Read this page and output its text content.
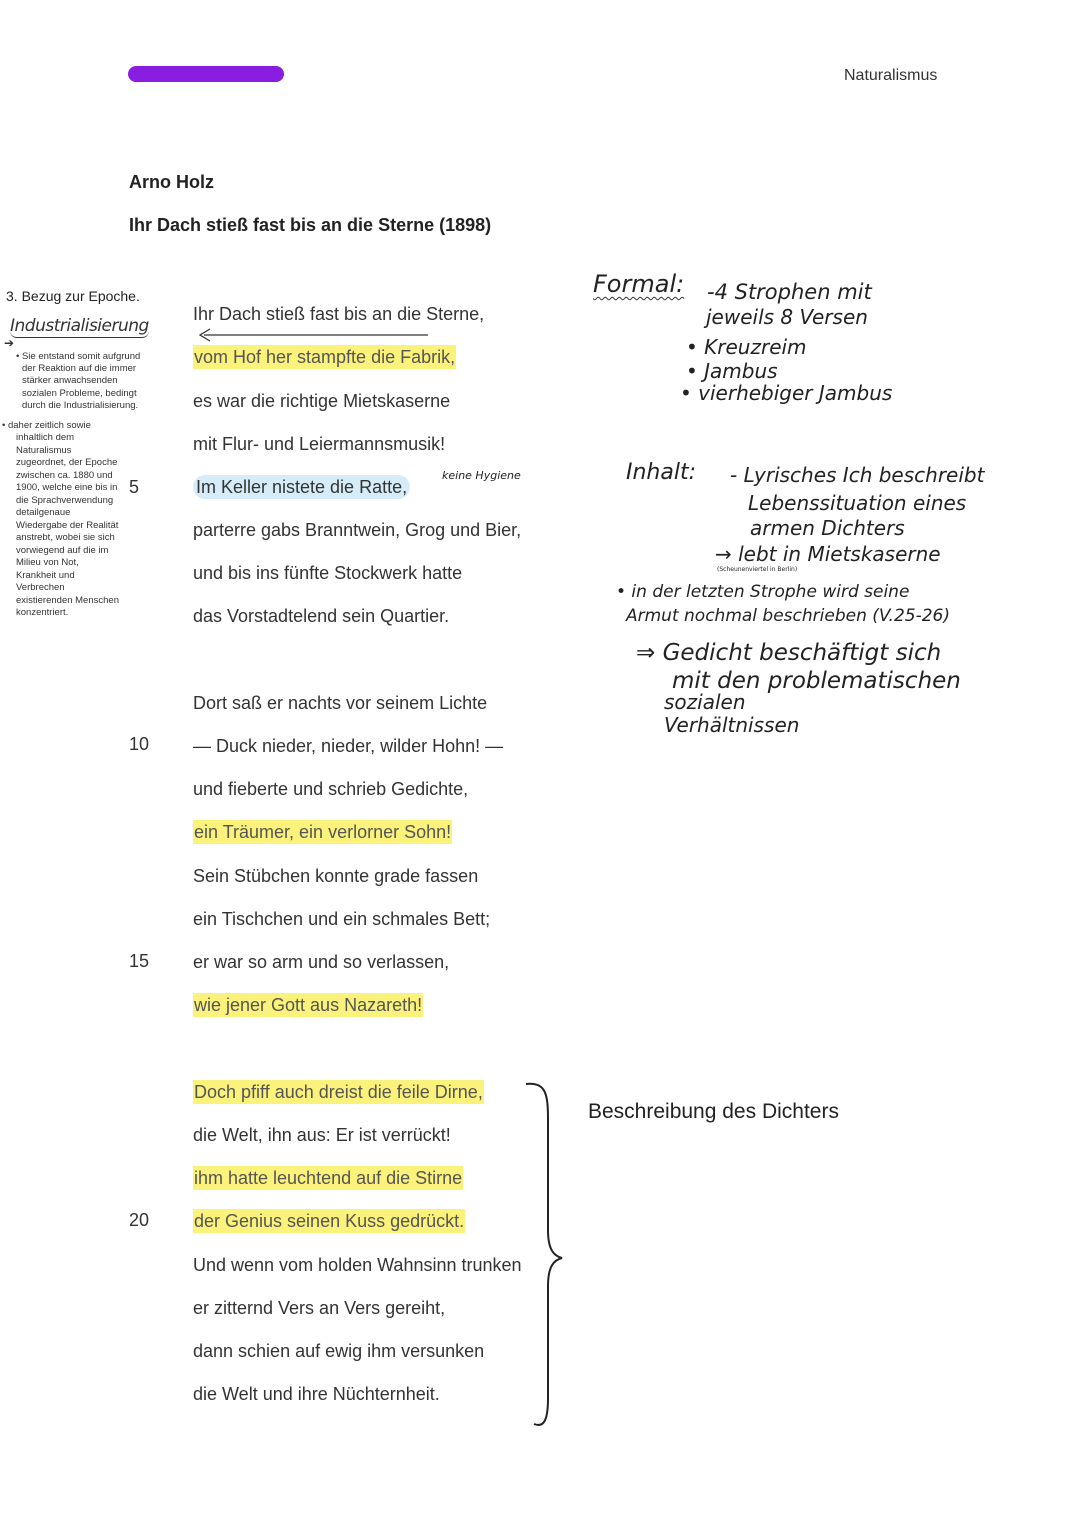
Naturalismus
Arno Holz
Ihr Dach stieß fast bis an die Sterne (1898)
3. Bezug zur Epoche.
Industrialisierung
➔
• Sie entstand somit aufgrund
der Reaktion auf die immer
stärker anwachsenden
sozialen Probleme, bedingt
durch die Industrialisierung.
• daher zeitlich sowie
inhaltlich dem
Naturalismus
zugeordnet, der Epoche
zwischen ca. 1880 und
1900, welche eine bis in
die Sprachverwendung
detailgenaue
Wiedergabe der Realität
anstrebt, wobei sie sich
vorwiegend auf die im
Milieu von Not,
Krankheit und
Verbrechen
existierenden Menschen
konzentriert.
5
10
15
20
Ihr Dach stieß fast bis an die Sterne,
vom Hof her stampfte die Fabrik,
es war die richtige Mietskaserne
mit Flur- und Leiermannsmusik!
Im Keller nistete die Ratte,
keine Hygiene
parterre gabs Branntwein, Grog und Bier,
und bis ins fünfte Stockwerk hatte
das Vorstadtelend sein Quartier.
Dort saß er nachts vor seinem Lichte
— Duck nieder, nieder, wilder Hohn! —
und fieberte und schrieb Gedichte,
ein Träumer, ein verlorner Sohn!
Sein Stübchen konnte grade fassen
ein Tischchen und ein schmales Bett;
er war so arm und so verlassen,
wie jener Gott aus Nazareth!
Doch pfiff auch dreist die feile Dirne,
die Welt, ihn aus: Er ist verrückt!
ihm hatte leuchtend auf die Stirne
der Genius seinen Kuss gedrückt.
Und wenn vom holden Wahnsinn trunken
er zitternd Vers an Vers gereiht,
dann schien auf ewig ihm versunken
die Welt und ihre Nüchternheit.
Formal: -4 Strophen mit
jeweils 8 Versen
• Kreuzreim
• Jambus
• vierhebiger Jambus
Inhalt: - Lyrisches Ich beschreibt
Lebenssituation eines
armen Dichters
→ lebt in Mietskaserne
(Scheunenviertel in Berlin)
• in der letzten Strophe wird seine
Armut nochmal beschrieben (V.25-26)
⇒ Gedicht beschäftigt sich
mit den problematischen
sozialen
Verhältnissen
Beschreibung des Dichters
